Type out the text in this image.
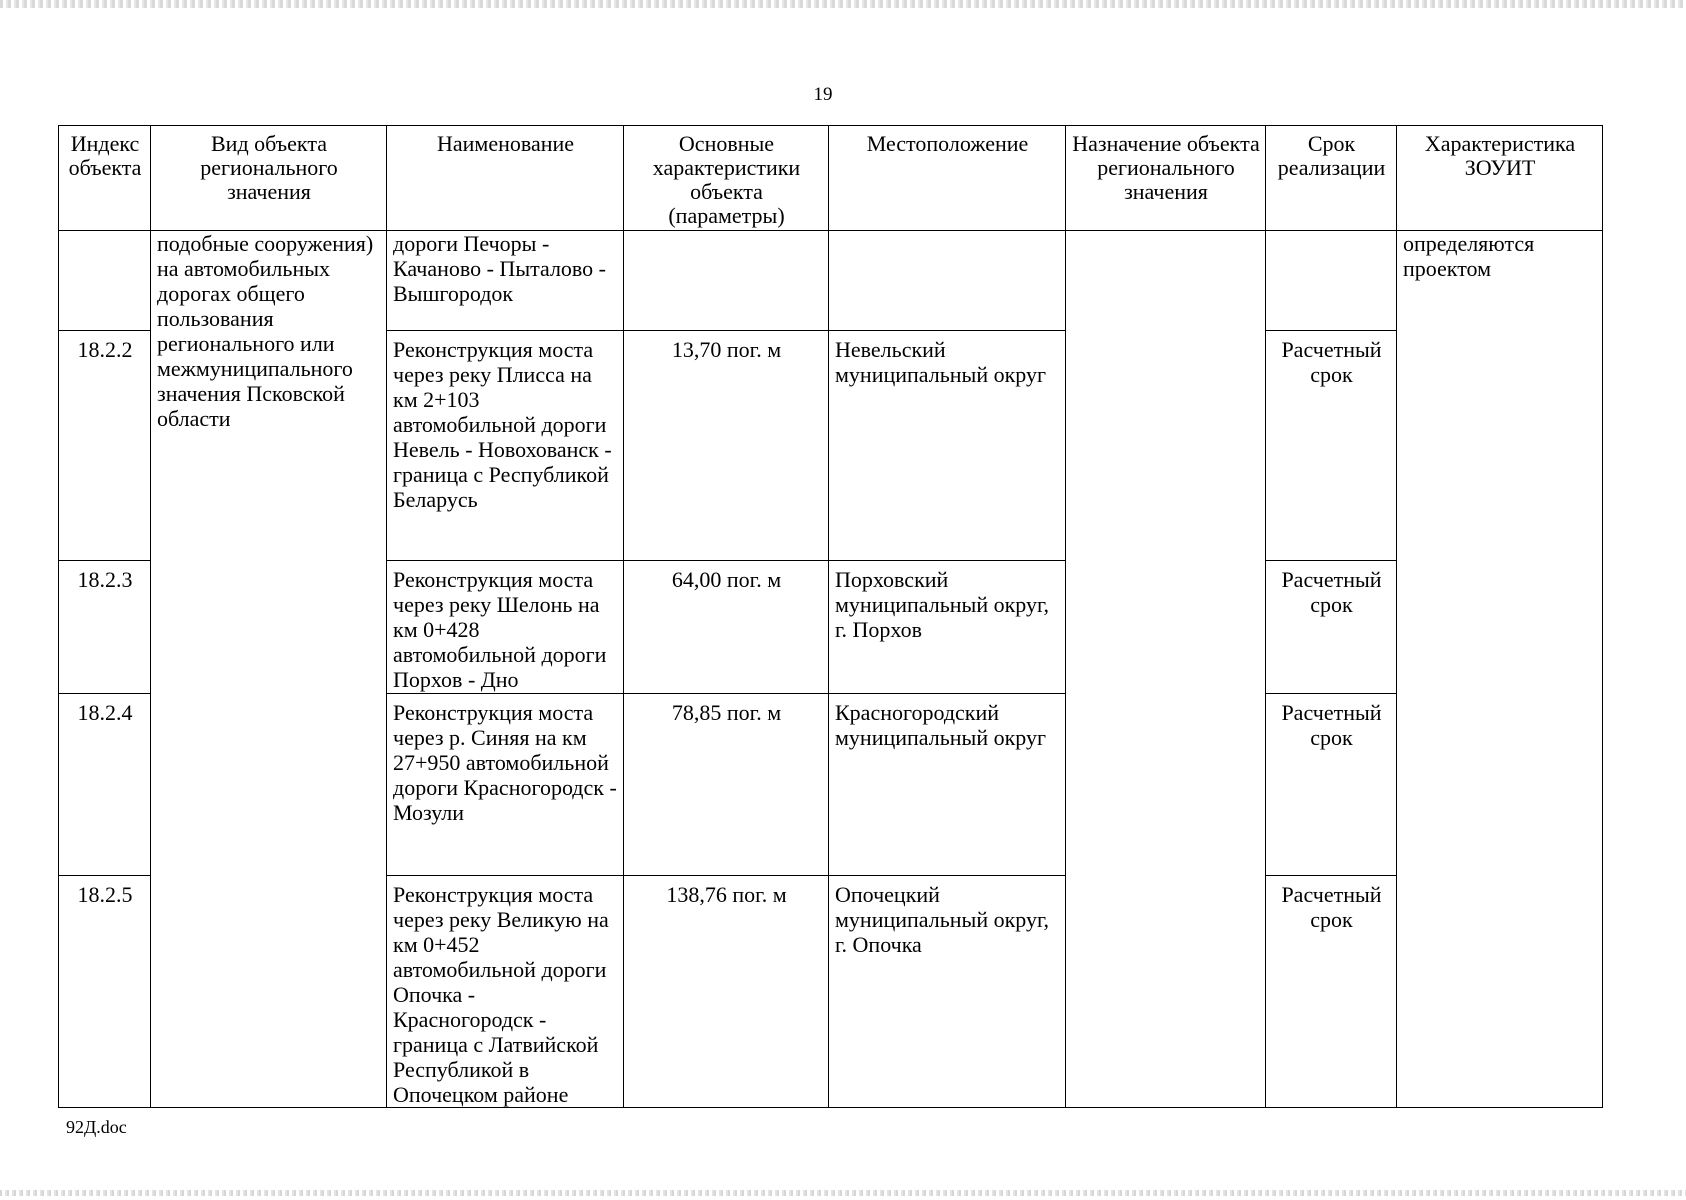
19
Индекс объекта	Вид объекта регионального значения	Наименование	Основные характеристики объекта (параметры)	Местоположение	Назначение объекта регионального значения	Срок реализации	Характеристика ЗОУИТ
	подобные сооружения) на автомобильных дорогах общего пользования регионального или межмуниципального значения Псковской области	дороги Печоры - Качаново - Пыталово - Вышгородок					определяются проектом
18.2.2		Реконструкция моста через реку Плисса на км 2+103 автомобильной дороги Невель - Новохованск - граница с Республикой Беларусь	13,70 пог. м	Невельский муниципальный округ		Расчетный срок	
18.2.3		Реконструкция моста через реку Шелонь на км 0+428 автомобильной дороги Порхов - Дно	64,00 пог. м	Порховский муниципальный округ, г. Порхов		Расчетный срок	
18.2.4		Реконструкция моста через р. Синяя на км 27+950 автомобильной дороги Красногородск - Мозули	78,85 пог. м	Красногородский муниципальный округ		Расчетный срок	
18.2.5		Реконструкция моста через реку Великую на км 0+452 автомобильной дороги Опочка - Красногородск - граница с Латвийской Республикой в Опочецком районе	138,76 пог. м	Опочецкий муниципальный округ, г. Опочка		Расчетный срок	
92Д.doc
